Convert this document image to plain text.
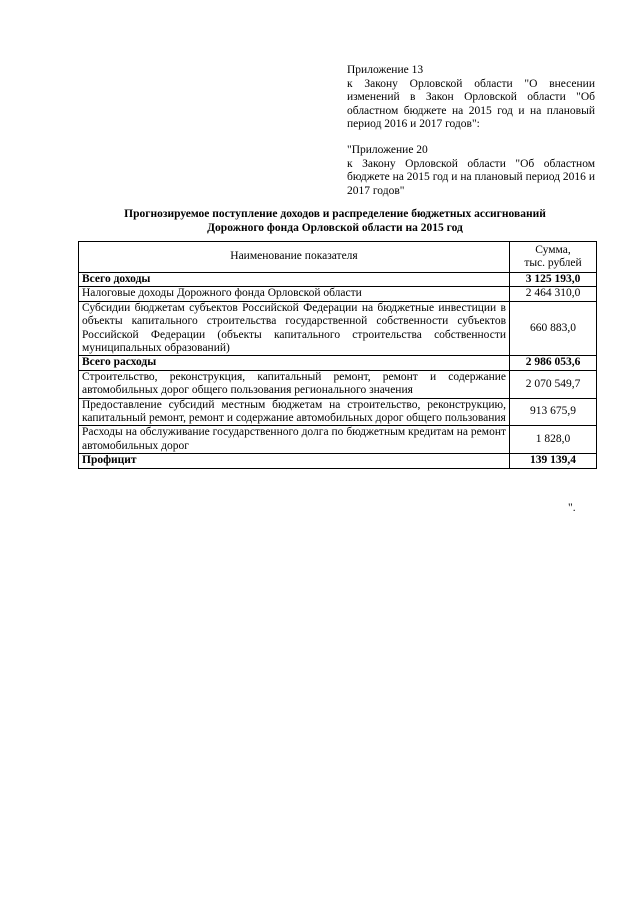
Приложение 13
к Закону Орловской области "О внесении изменений в Закон Орловской области "Об областном бюджете на 2015 год и на плановый период 2016 и 2017 годов":
"Приложение 20
к Закону Орловской области "Об областном бюджете на 2015 год и на плановый период 2016 и 2017 годов"
Прогнозируемое поступление доходов и распределение бюджетных ассигнований
Дорожного фонда Орловской области на 2015 год
Наименование показателя	Сумма,
тыс. рублей

Всего доходы	3 125 193,0
Налоговые доходы Дорожного фонда Орловской области	2 464 310,0
Субсидии бюджетам субъектов Российской Федерации на бюджетные инвестиции в объекты капитального строительства государственной собственности субъектов Российской Федерации (объекты капитального строительства собственности муниципальных образований)	660 883,0
Всего расходы	2 986 053,6
Строительство, реконструкция, капитальный ремонт, ремонт и содержание автомобильных дорог общего пользования регионального значения	2 070 549,7
Предоставление субсидий местным бюджетам на строительство, реконструкцию, капитальный ремонт, ремонт и содержание автомобильных дорог общего пользования	913 675,9
Расходы на обслуживание государственного долга по бюджетным кредитам на ремонт автомобильных дорог	1 828,0
Профицит	139 139,4
".
